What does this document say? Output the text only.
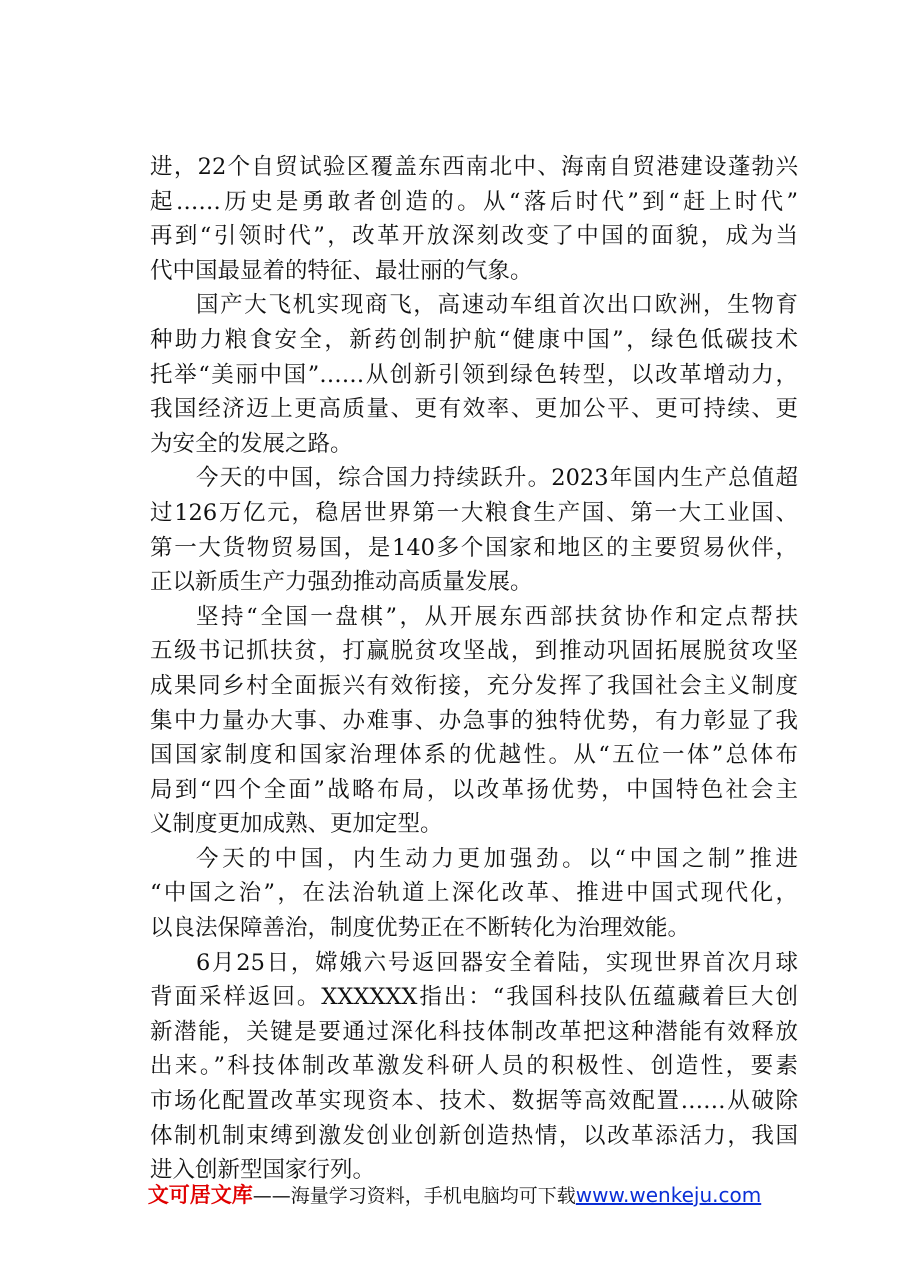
进，22个自贸试验区覆盖东西南北中、海南自贸港建设蓬勃兴
起……历史是勇敢者创造的。从“落后时代”到“赶上时代”
再到“引领时代”，改革开放深刻改变了中国的面貌，成为当
代中国最显着的特征、最壮丽的气象。
国产大飞机实现商飞，高速动车组首次出口欧洲，生物育
种助力粮食安全，新药创制护航“健康中国”，绿色低碳技术
托举“美丽中国”……从创新引领到绿色转型，以改革增动力，
我国经济迈上更高质量、更有效率、更加公平、更可持续、更
为安全的发展之路。
今天的中国，综合国力持续跃升。2023年国内生产总值超
过126万亿元，稳居世界第一大粮食生产国、第一大工业国、
第一大货物贸易国，是140多个国家和地区的主要贸易伙伴，
正以新质生产力强劲推动高质量发展。
坚持“全国一盘棋”，从开展东西部扶贫协作和定点帮扶
五级书记抓扶贫，打赢脱贫攻坚战，到推动巩固拓展脱贫攻坚
成果同乡村全面振兴有效衔接，充分发挥了我国社会主义制度
集中力量办大事、办难事、办急事的独特优势，有力彰显了我
国国家制度和国家治理体系的优越性。从“五位一体”总体布
局到“四个全面”战略布局，以改革扬优势，中国特色社会主
义制度更加成熟、更加定型。
今天的中国，内生动力更加强劲。以“中国之制”推进
“中国之治”，在法治轨道上深化改革、推进中国式现代化，
以良法保障善治，制度优势正在不断转化为治理效能。
6月25日，嫦娥六号返回器安全着陆，实现世界首次月球
背面采样返回。XXXXXX指出：“我国科技队伍蕴藏着巨大创
新潜能，关键是要通过深化科技体制改革把这种潜能有效释放
出来。”科技体制改革激发科研人员的积极性、创造性，要素
市场化配置改革实现资本、技术、数据等高效配置……从破除
体制机制束缚到激发创业创新创造热情，以改革添活力，我国
进入创新型国家行列。
文可居文库——海量学习资料，手机电脑均可下载www.wenkeju.com
